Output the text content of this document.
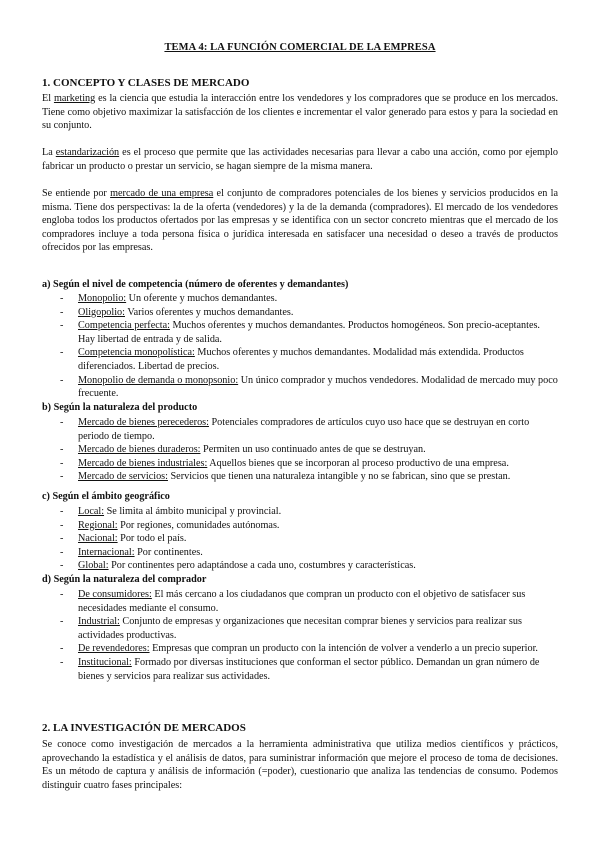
TEMA 4: LA FUNCIÓN COMERCIAL DE LA EMPRESA
1. CONCEPTO Y CLASES DE MERCADO

El marketing es la ciencia que estudia la interacción entre los vendedores y los compradores que se produce en los mercados. Tiene como objetivo maximizar la satisfacción de los clientes e incrementar el valor generado para estos y para la sociedad en su conjunto.

La estandarización es el proceso que permite que las actividades necesarias para llevar a cabo una acción, como por ejemplo fabricar un producto o prestar un servicio, se hagan siempre de la misma manera.

Se entiende por mercado de una empresa el conjunto de compradores potenciales de los bienes y servicios producidos en la misma. Tiene dos perspectivas: la de la oferta (vendedores) y la de la demanda (compradores). El mercado de los vendedores engloba todos los productos ofertados por las empresas y se identifica con un sector concreto mientras que el mercado de los compradores incluye a toda persona física o jurídica interesada en satisfacer una necesidad o deseo a través de productos ofrecidos por las empresas.

a) Según el nivel de competencia (número de oferentes y demandantes)
- Monopolio: Un oferente y muchos demandantes.
- Oligopolio: Varios oferentes y muchos demandantes.
- Competencia perfecta: Muchos oferentes y muchos demandantes. Productos homogéneos. Son precio-aceptantes. Hay libertad de entrada y de salida.
- Competencia monopolística: Muchos oferentes y muchos demandantes. Modalidad más extendida. Productos diferenciados. Libertad de precios.
- Monopolio de demanda o monopsonio: Un único comprador y muchos vendedores. Modalidad de mercado muy poco frecuente.
b) Según la naturaleza del producto
- Mercado de bienes perecederos: Potenciales compradores de artículos cuyo uso hace que se destruyan en corto periodo de tiempo.
- Mercado de bienes duraderos: Permiten un uso continuado antes de que se destruyan.
- Mercado de bienes industriales: Aquellos bienes que se incorporan al proceso productivo de una empresa.
- Mercado de servicios: Servicios que tienen una naturaleza intangible y no se fabrican, sino que se prestan.
c) Según el ámbito geográfico
- Local: Se limita al ámbito municipal y provincial.
- Regional: Por regiones, comunidades autónomas.
- Nacional: Por todo el país.
- Internacional: Por continentes.
- Global: Por continentes pero adaptándose a cada uno, costumbres y características.
d) Según la naturaleza del comprador
- De consumidores: El más cercano a los ciudadanos que compran un producto con el objetivo de satisfacer sus necesidades mediante el consumo.
- Industrial: Conjunto de empresas y organizaciones que necesitan comprar bienes y servicios para realizar sus actividades productivas.
- De revendedores: Empresas que compran un producto con la intención de volver a venderlo a un precio superior.
- Institucional: Formado por diversas instituciones que conforman el sector público. Demandan un gran número de bienes y servicios para realizar sus actividades.
2. LA INVESTIGACIÓN DE MERCADOS

Se conoce como investigación de mercados a la herramienta administrativa que utiliza medios científicos y prácticos, aprovechando la estadística y el análisis de datos, para suministrar información que mejore el proceso de toma de decisiones. Es un método de captura y análisis de información (=poder), cuestionario que analiza las tendencias de consumo. Podemos distinguir cuatro fases principales:
